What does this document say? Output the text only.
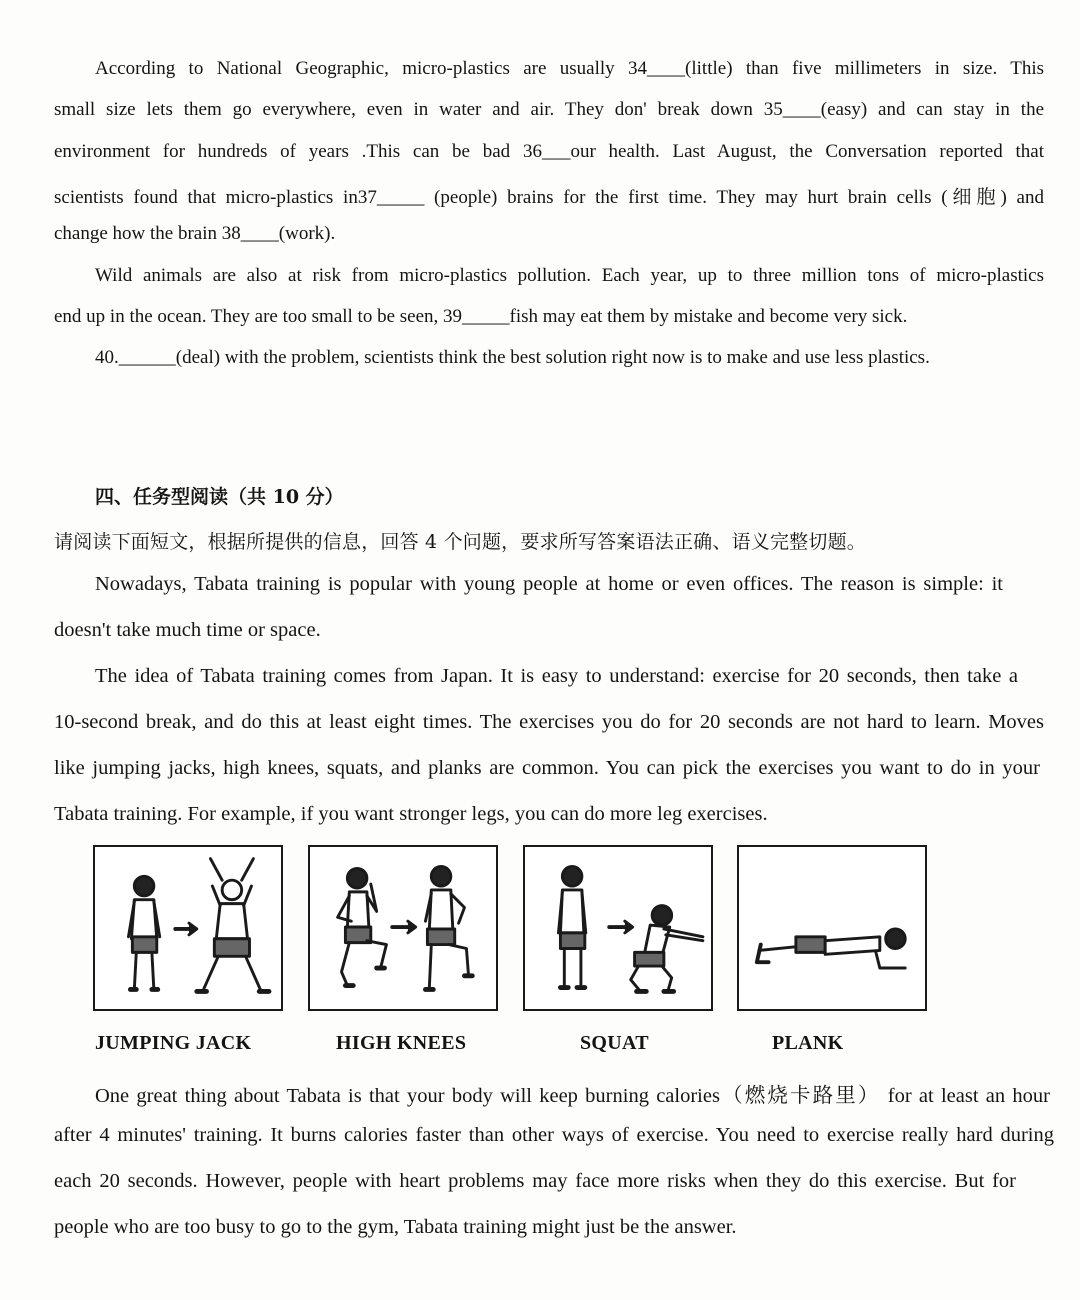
According to National Geographic, micro-plastics are usually 34____(little) than five millimeters in size. This
small size lets them go everywhere, even in water and air. They don' break down 35____(easy) and can stay in the
environment for hundreds of years .This can be bad 36___our health. Last August, the Conversation reported that
scientists found that micro-plastics in37_____ (people) brains for the first time. They may hurt brain cells (细胞) and
change how the brain 38____(work).
Wild animals are also at risk from micro-plastics pollution. Each year, up to three million tons of micro-plastics
end up in the ocean. They are too small to be seen, 39_____fish may eat them by mistake and become very sick.
40.______(deal) with the problem, scientists think the best solution right now is to make and use less plastics.
四、任务型阅读（共 10 分）
请阅读下面短文，根据所提供的信息，回答 4 个问题，要求所写答案语法正确、语义完整切题。
Nowadays, Tabata training is popular with young people at home or even offices. The reason is simple: it
doesn't take much time or space.
The idea of Tabata training comes from Japan. It is easy to understand: exercise for 20 seconds, then take a
10-second break, and do this at least eight times. The exercises you do for 20 seconds are not hard to learn. Moves
like jumping jacks, high knees, squats, and planks are common. You can pick the exercises you want to do in your
Tabata training. For example, if you want stronger legs, you can do more leg exercises.
JUMPING JACK	HIGH KNEES	SQUAT	PLANK
One great thing about Tabata is that your body will keep burning calories（燃烧卡路里） for at least an hour
after 4 minutes' training. It burns calories faster than other ways of exercise. You need to exercise really hard during
each 20 seconds. However, people with heart problems may face more risks when they do this exercise. But for
people who are too busy to go to the gym, Tabata training might just be the answer.
